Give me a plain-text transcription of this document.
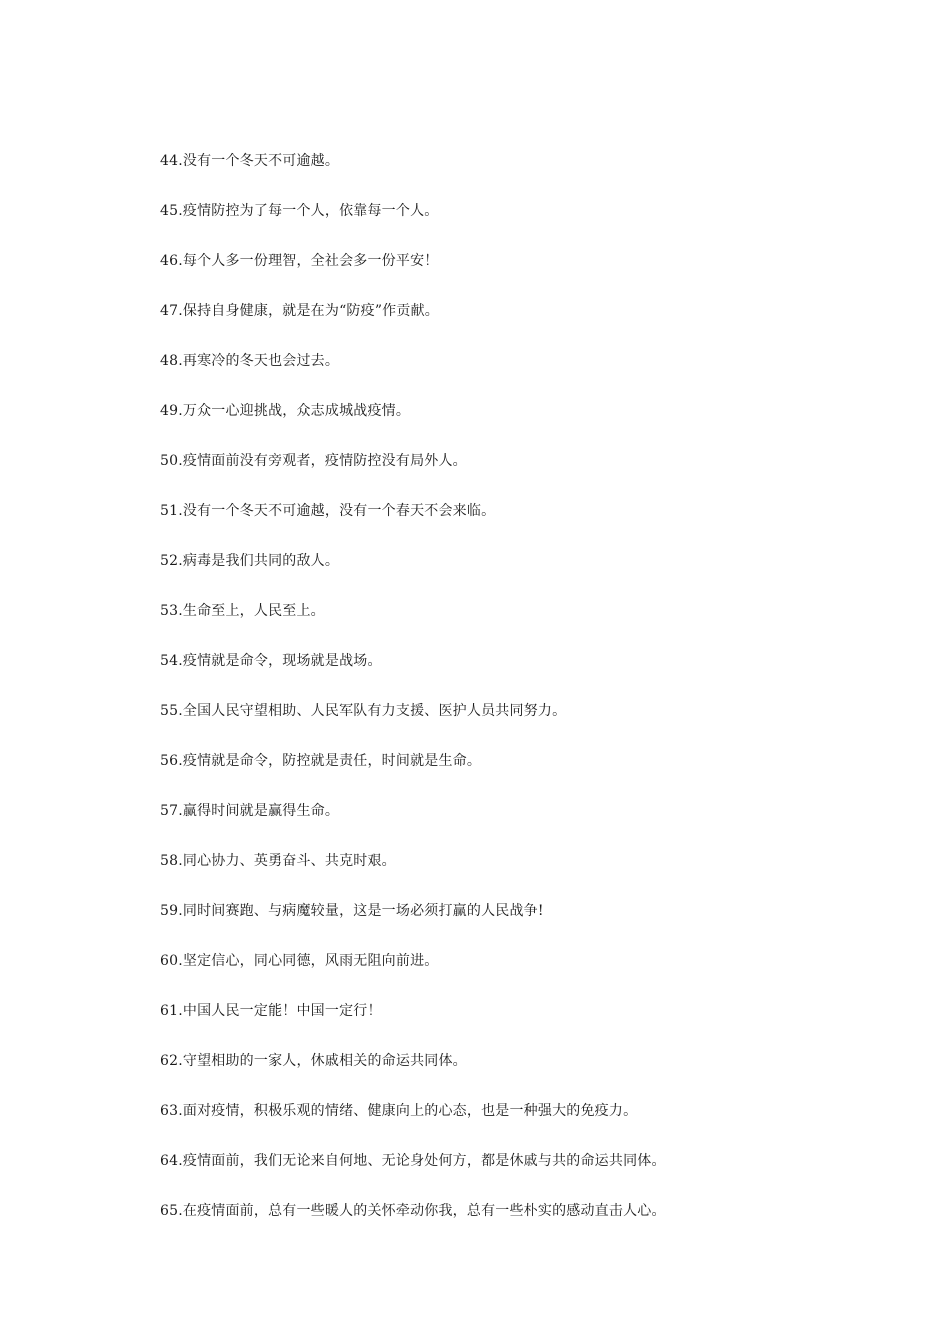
44.没有一个冬天不可逾越。
45.疫情防控为了每一个人，依靠每一个人。
46.每个人多一份理智，全社会多一份平安！
47.保持自身健康，就是在为“防疫”作贡献。
48.再寒冷的冬天也会过去。
49.万众一心迎挑战，众志成城战疫情。
50.疫情面前没有旁观者，疫情防控没有局外人。
51.没有一个冬天不可逾越，没有一个春天不会来临。
52.病毒是我们共同的敌人。
53.生命至上，人民至上。
54.疫情就是命令，现场就是战场。
55.全国人民守望相助、人民军队有力支援、医护人员共同努力。
56.疫情就是命令，防控就是责任，时间就是生命。
57.赢得时间就是赢得生命。
58.同心协力、英勇奋斗、共克时艰。
59.同时间赛跑、与病魔较量，这是一场必须打赢的人民战争!
60.坚定信心，同心同德，风雨无阻向前进。
61.中国人民一定能！中国一定行！
62.守望相助的一家人，休戚相关的命运共同体。
63.面对疫情，积极乐观的情绪、健康向上的心态，也是一种强大的免疫力。
64.疫情面前，我们无论来自何地、无论身处何方，都是休戚与共的命运共同体。
65.在疫情面前，总有一些暖人的关怀牵动你我，总有一些朴实的感动直击人心。
